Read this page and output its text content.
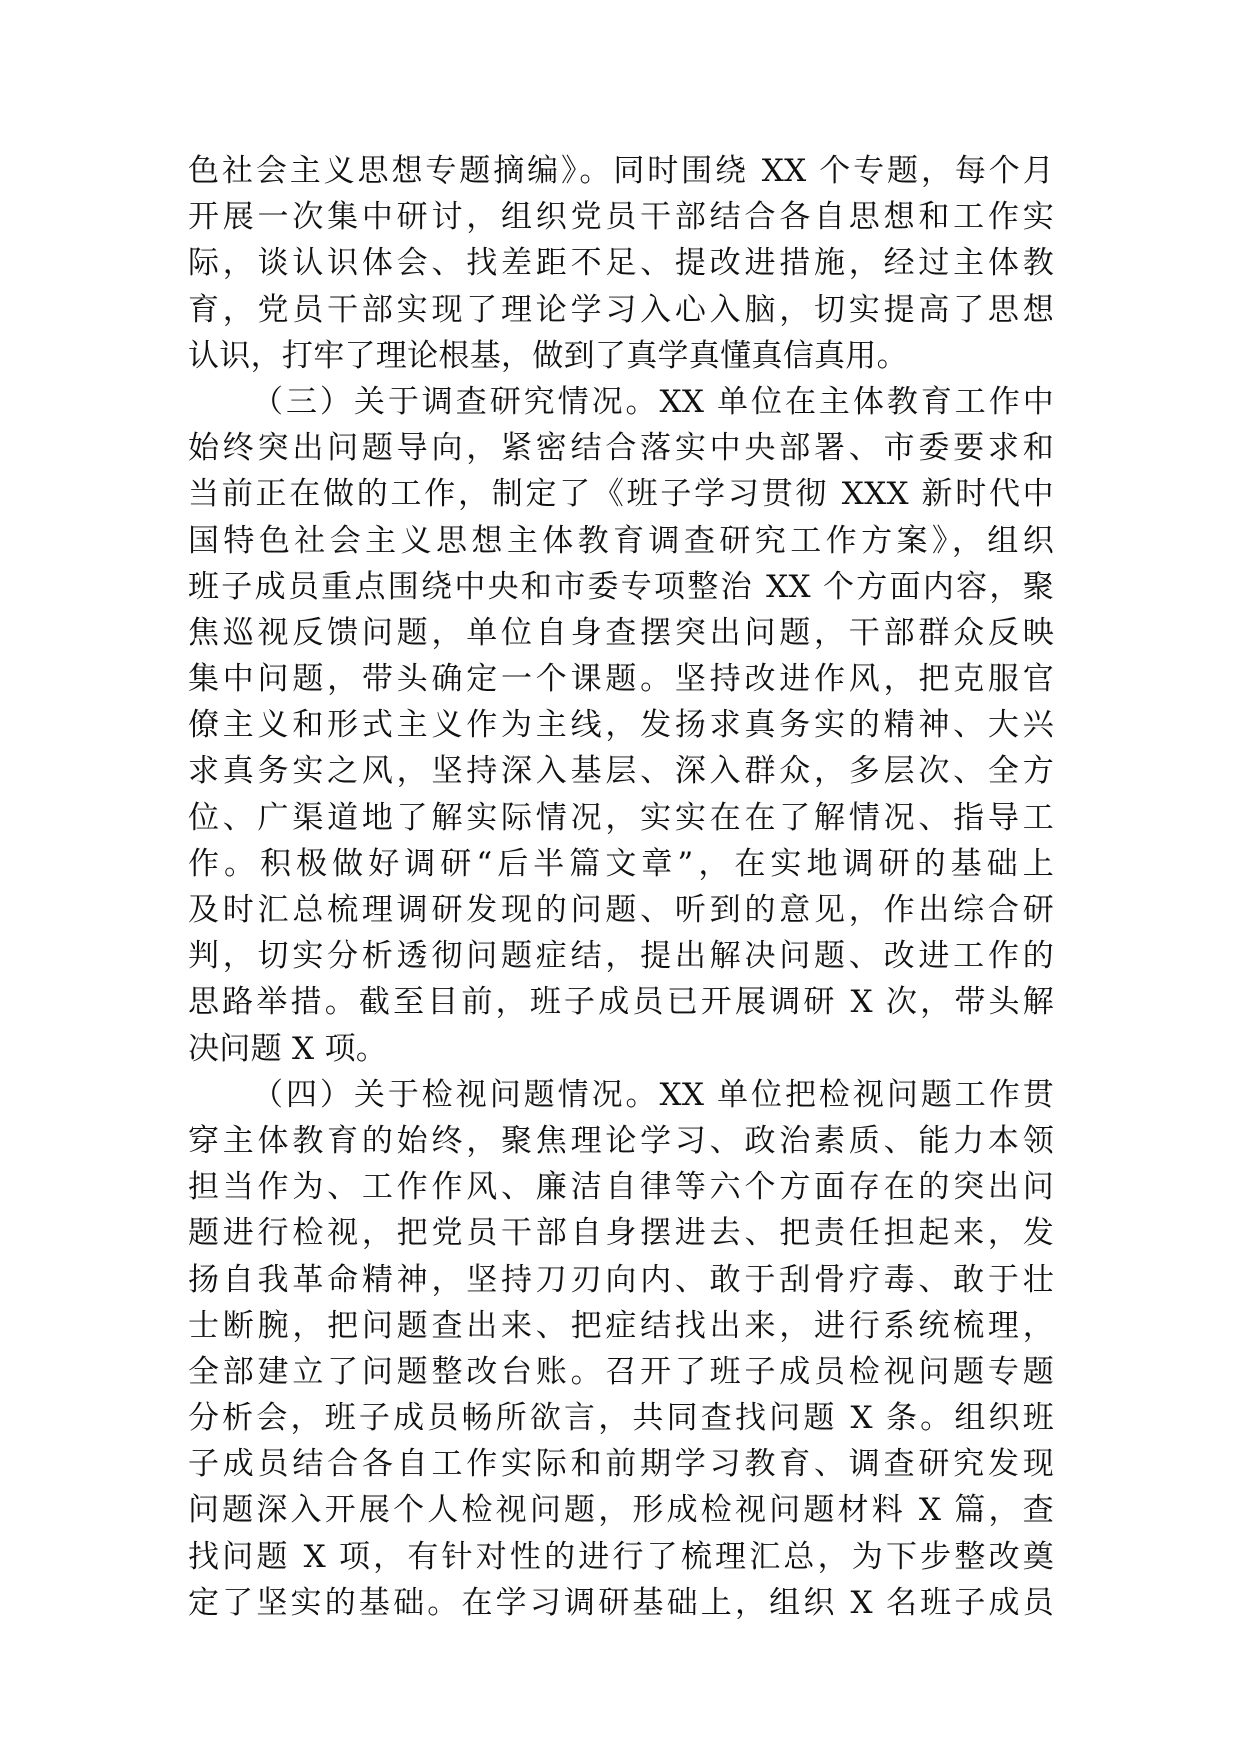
色社会主义思想专题摘编》。同时围绕 XX 个专题，每个月
开展一次集中研讨，组织党员干部结合各自思想和工作实
际，谈认识体会、找差距不足、提改进措施，经过主体教
育，党员干部实现了理论学习入心入脑，切实提高了思想
认识，打牢了理论根基，做到了真学真懂真信真用。
（三）关于调查研究情况。XX 单位在主体教育工作中
始终突出问题导向，紧密结合落实中央部署、市委要求和
当前正在做的工作，制定了《班子学习贯彻 XXX 新时代中
国特色社会主义思想主体教育调查研究工作方案》，组织
班子成员重点围绕中央和市委专项整治 XX 个方面内容，聚
焦巡视反馈问题，单位自身查摆突出问题，干部群众反映
集中问题，带头确定一个课题。坚持改进作风，把克服官
僚主义和形式主义作为主线，发扬求真务实的精神、大兴
求真务实之风，坚持深入基层、深入群众，多层次、全方
位、广渠道地了解实际情况，实实在在了解情况、指导工
作。积极做好调研“后半篇文章”，在实地调研的基础上
及时汇总梳理调研发现的问题、听到的意见，作出综合研
判，切实分析透彻问题症结，提出解决问题、改进工作的
思路举措。截至目前，班子成员已开展调研 X 次，带头解
决问题 X 项。
（四）关于检视问题情况。XX 单位把检视问题工作贯
穿主体教育的始终，聚焦理论学习、政治素质、能力本领
担当作为、工作作风、廉洁自律等六个方面存在的突出问
题进行检视，把党员干部自身摆进去、把责任担起来，发
扬自我革命精神，坚持刀刃向内、敢于刮骨疗毒、敢于壮
士断腕，把问题查出来、把症结找出来，进行系统梳理，
全部建立了问题整改台账。召开了班子成员检视问题专题
分析会，班子成员畅所欲言，共同查找问题 X 条。组织班
子成员结合各自工作实际和前期学习教育、调查研究发现
问题深入开展个人检视问题，形成检视问题材料 X 篇，查
找问题 X 项，有针对性的进行了梳理汇总，为下步整改奠
定了坚实的基础。在学习调研基础上，组织 X 名班子成员
